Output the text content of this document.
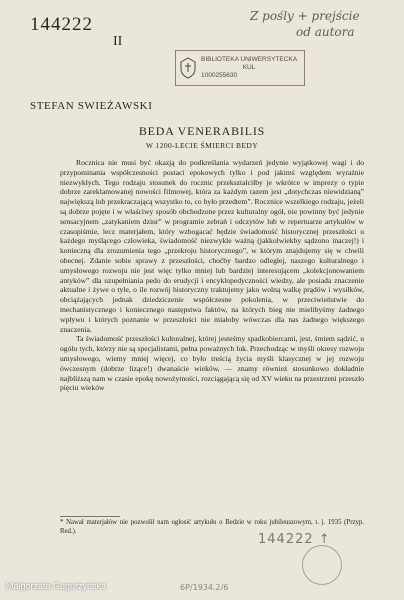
144222
II
Z pośly + prejście
od autora
BIBLIOTEKA UNIWERSYTECKA
KUL
1000255630
STEFAN SWIEŻAWSKI
BEDA VENERABILIS
W 1200-LECIE ŚMIERCI BEDY

Rocznica nie musi być okazją do podkreślania wydarzeń jedynie wyjątkowej wagi i do przypominania współczesności postaci epokowych tylko i pod jakimś względem wyraźnie niezwykłych. Tego rodzaju stosunek do rocznic przekształciłby je wkrótce w imprezy o typie dobrze zareklamowanej nowości filmowej, która za każdym razem jest „dotychczas niewidzianą” największą lub przekraczającą wszystko to, co było przedtem”. Rocznice wszelkiego rodzaju, jeżeli są dobrze pojęte i w właściwy sposób obchodzone przez kulturalny ogół, nie powinny być jedynie sensacyjnem „zatykaniem dziur” w programie zebrań i odczytów lub w repertuarze artykułów w czasopiśmie, lecz materjałem, który wzbogacać będzie świadomość historycznej przeszłości u każdego myślącego człowieka, świadomość niezwykle ważną (jakkolwiekby sądzono inaczej!) i konieczną dla zrozumienia tego „przekroju historycznego”, w którym znajdujemy się w chwili obecnej. Zdanie sobie sprawy z przeszłości, choćby bardzo odległej, naszego kulturalnego i umysłowego rozwoju nie jest więc tylko mniej lub bardziej interesującem „kolekcjonowaniem antyków” dla uzupełniania pedo do erudycji i encyklopedyczności wiedzy, ale posiada znaczenie aktualne i żywe o tyle, o ile rozwój historyczny traktujemy jako wolną walkę prądów i wysiłków, obciążających jednak dziedziczenie współczesne pokolenia, w przeciwieństwie do mechanistycznego i koniecznego następstwa faktów, na których bieg nie mielibyśmy żadnego wpływu i których poznanie w przeszłości nie miałoby wówczas dla nas żadnego większego znaczenia.

Ta świadomość przeszłości kulturalnej, której jesteśmy spadkobiercami, jest, śmiem sądzić, u ogółu tych, którzy nie są specjalistami, pełna poważnych luk. Przechodząc w myśli okresy rozwoju umysłowego, wiemy mniej więcej, co było treścią życia myśli klasycznej w jej rozwoju ówczesnym (dobrze lizące!) dwanaście wieków, — znamy również stosunkowo dokładnie najbliższą nam w czasie epokę nowożytności, rozciągającą się od XV wieku na przestrzeni przeszło pięciu wieków

* Nawał materjałów nie pozwolił nam ogłosić artykułu o Bedzie w roku jubileuszowym, t. j. 1935 (Przyp. Red.).
144222 ↑
Małgorzata Gugurzyńska	6P/1934.2/6
